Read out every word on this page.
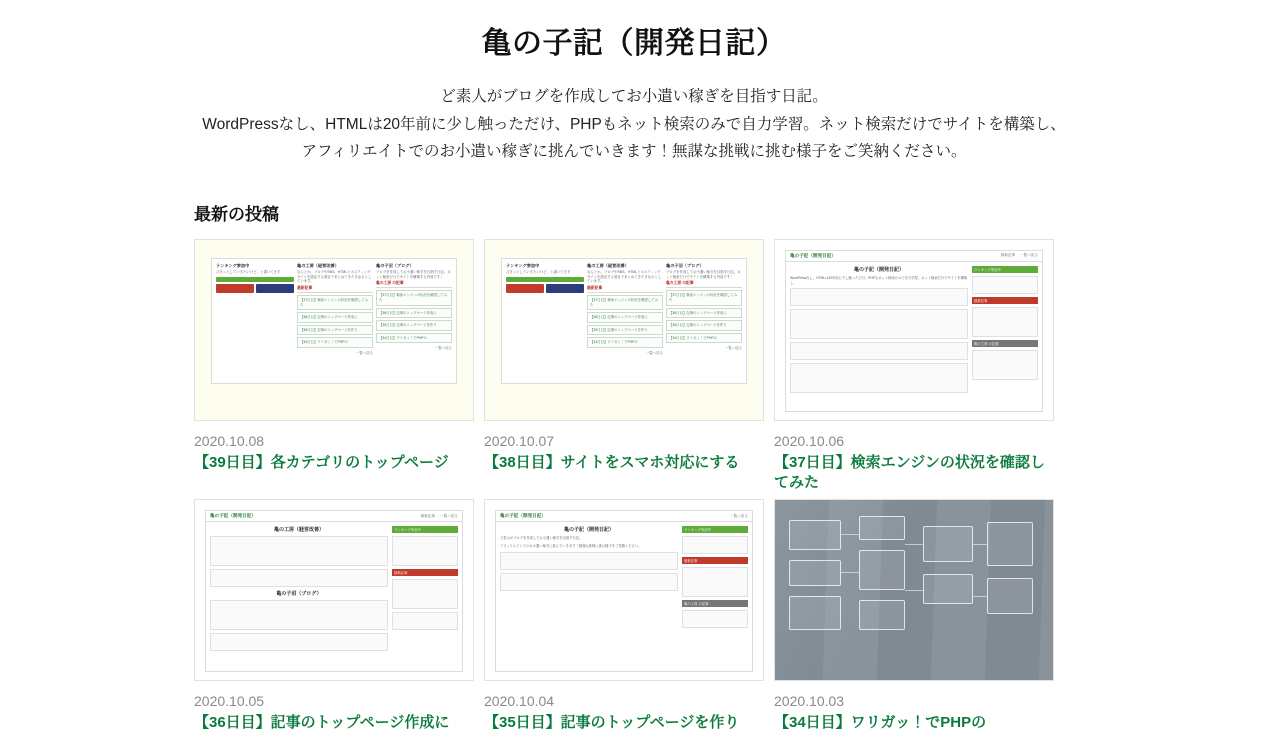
亀の子記（開発日記）

ど素人がブログを作成してお小遣い稼ぎを目指す日記。

WordPressなし、HTMLは20年前に少し触っただけ、PHPもネット検索のみで自力学習。ネット検索だけでサイトを構築し、

アフィリエイトでのお小遣い稼ぎに挑んでいきます！無謀な挑戦に挑む様子をご笑納ください。

最新の投稿
ランキング参加中
びきっとしていきたいけど、と書いてきず
亀の工房（経営改善）
なんとか、ブログやSNS、HTMLとホスティングサイトを設定する項目でまとめてきたきなるとしています。
最新記事
【37日目】検索エンジンの状況を確認してみた
【36日目】記事のトップページ作成に
【35日目】記事のトップページを作り
【34日目】ワリガッ！でPHPの
一覧へ戻る
亀の子沼（ブログ）
ブログを作成してお小遣い稼ぎを目指す日記。ネット検索だけでサイトを構築する内容です！
亀の工房 の記事
【37日目】検索エンジンの状況を確認してみた
【36日目】記事のトップページ作成に
【35日目】記事のトップページを作り
【34日目】ワリガッ！でPHPの
一覧へ戻る
2020.10.08
【39日目】各カテゴリのトップページ
ランキング参加中
びきっとしていきたいけど、と書いてきず
亀の工房（経営改善）
なんとか、ブログやSNS、HTMLとホスティングサイトを設定する項目でまとめてきたきなるとしています。
最新記事
【37日目】検索エンジンの状況を確認してみた
【36日目】記事のトップページ作成に
【35日目】記事のトップページを作り
【34日目】ワリガッ！でPHPの
一覧へ戻る
亀の子沼（ブログ）
ブログを作成してお小遣い稼ぎを目指す日記。ネット検索だけでサイトを構築する内容です！
亀の工房 の記事
【37日目】検索エンジンの状況を確認してみた
【36日目】記事のトップページ作成に
【35日目】記事のトップページを作り
【34日目】ワリガッ！でPHPの
一覧へ戻る
2020.10.07
【38日目】サイトをスマホ対応にする
亀の子記（開発日記）	最新記事 一覧へ戻る
亀の子記（開発日記）
WordPressなし、HTMLは20年前に少し触っただけ、PHPもネット検索のみで自力学習。ネット検索だけでサイトを構築し、
ランキング参加中
最新記事
亀の工房 の記事
2020.10.06
【37日目】検索エンジンの状況を確認してみた
亀の子記（開発日記）	最新記事 一覧へ戻る
亀の工房（経営改善）
亀の子沼（ブログ）
ランキング参加中
最新記事
2020.10.05
【36日目】記事のトップページ作成に
亀の子記（開発日記）	一覧へ戻る
亀の子記（開発日記）
ど素人がブログを作成してお小遣い稼ぎを目指す日記。
アフィリエイトでのお小遣い稼ぎに挑んでいきます！無謀な挑戦に挑む様子をご笑納ください。
ランキング参加中
最新記事
亀の工房 の記事
2020.10.04
【35日目】記事のトップページを作り
2020.10.03
【34日目】ワリガッ！でPHPの
